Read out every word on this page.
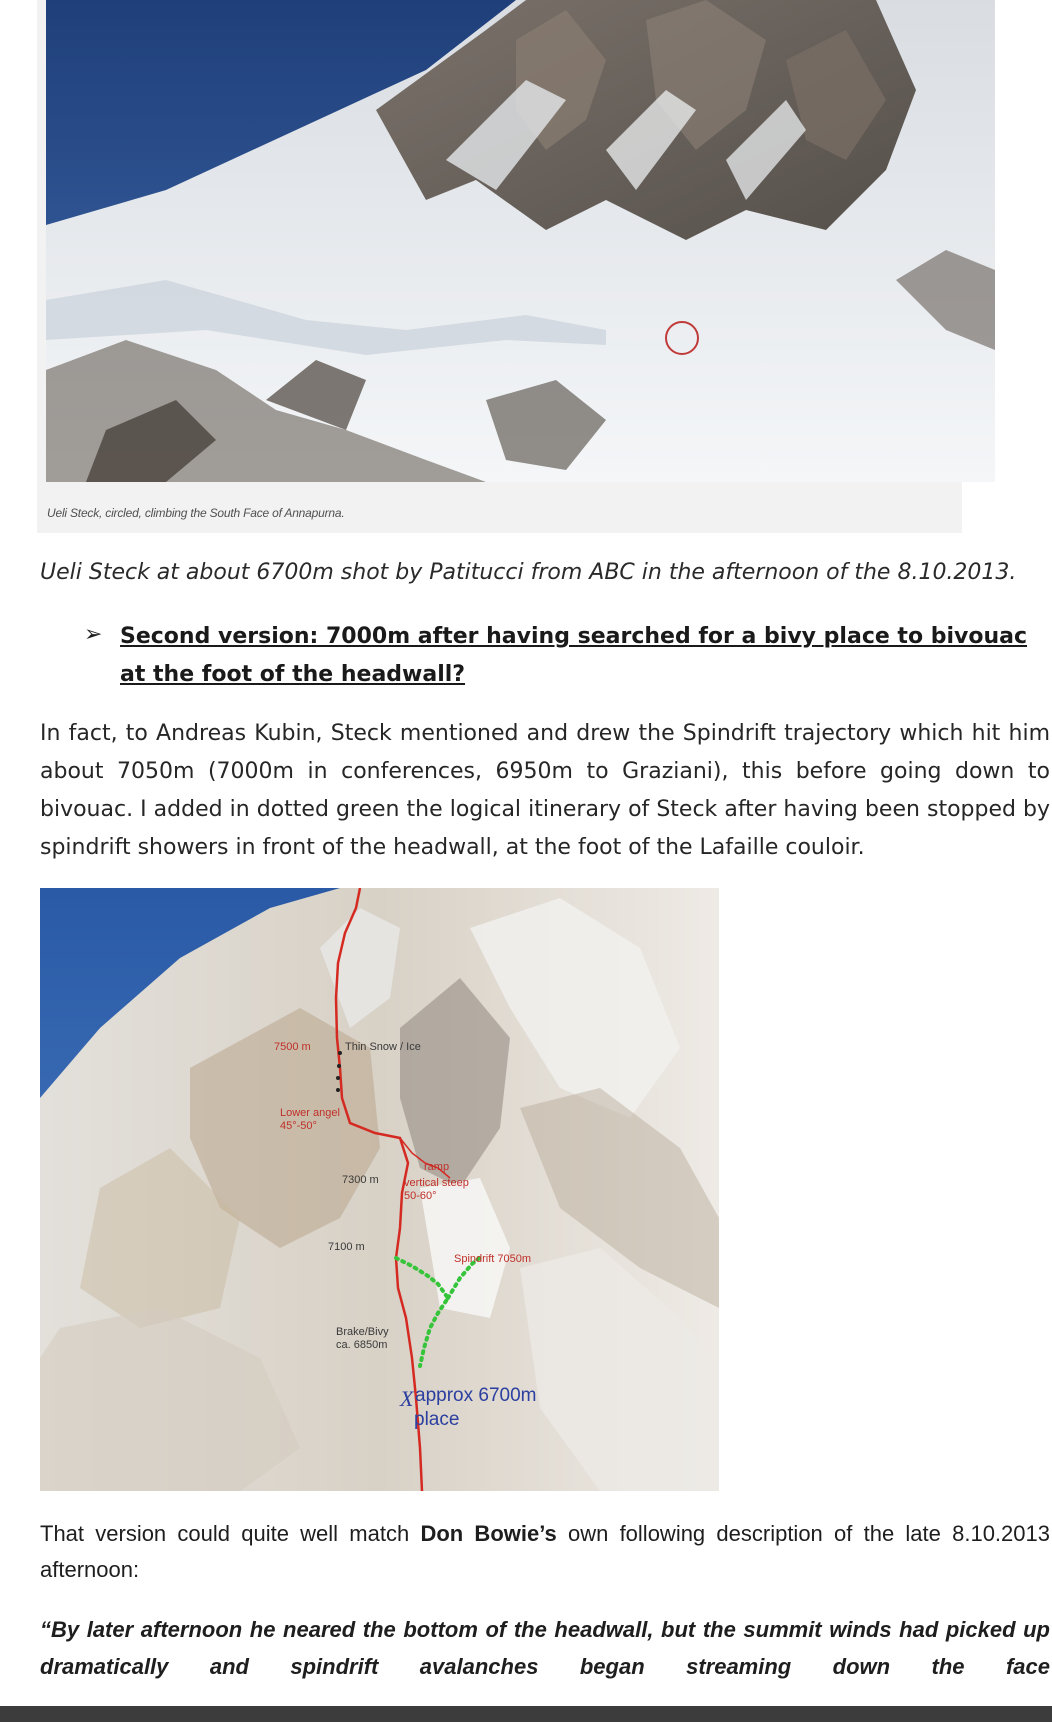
Ueli Steck, circled, climbing the South Face of Annapurna.
Ueli Steck at about 6700m shot by Patitucci from ABC in the afternoon of the 8.10.2013.
➢ Second version: 7000m after having searched for a bivy place to bivouac at the foot of the headwall?
In fact, to Andreas Kubin, Steck mentioned and drew the Spindrift trajectory which hit him about 7050m (7000m in conferences, 6950m to Graziani), this before going down to bivouac. I added in dotted green the logical itinerary of Steck after having been stopped by spindrift showers in front of the headwall, at the foot of the Lafaille couloir.
7500 m	Thin Snow / Ice
Lower angel
45°-50°
7300 m
ramp
vertical steep
50-60°
7100 m
Spindrift 7050m
Brake/Bivy
ca. 6850m
X approx 6700m
place
That version could quite well match Don Bowie’s own following description of the late 8.10.2013 afternoon:
“By later afternoon he neared the bottom of the headwall, but the summit winds had picked up dramatically and spindrift avalanches began streaming down the face
